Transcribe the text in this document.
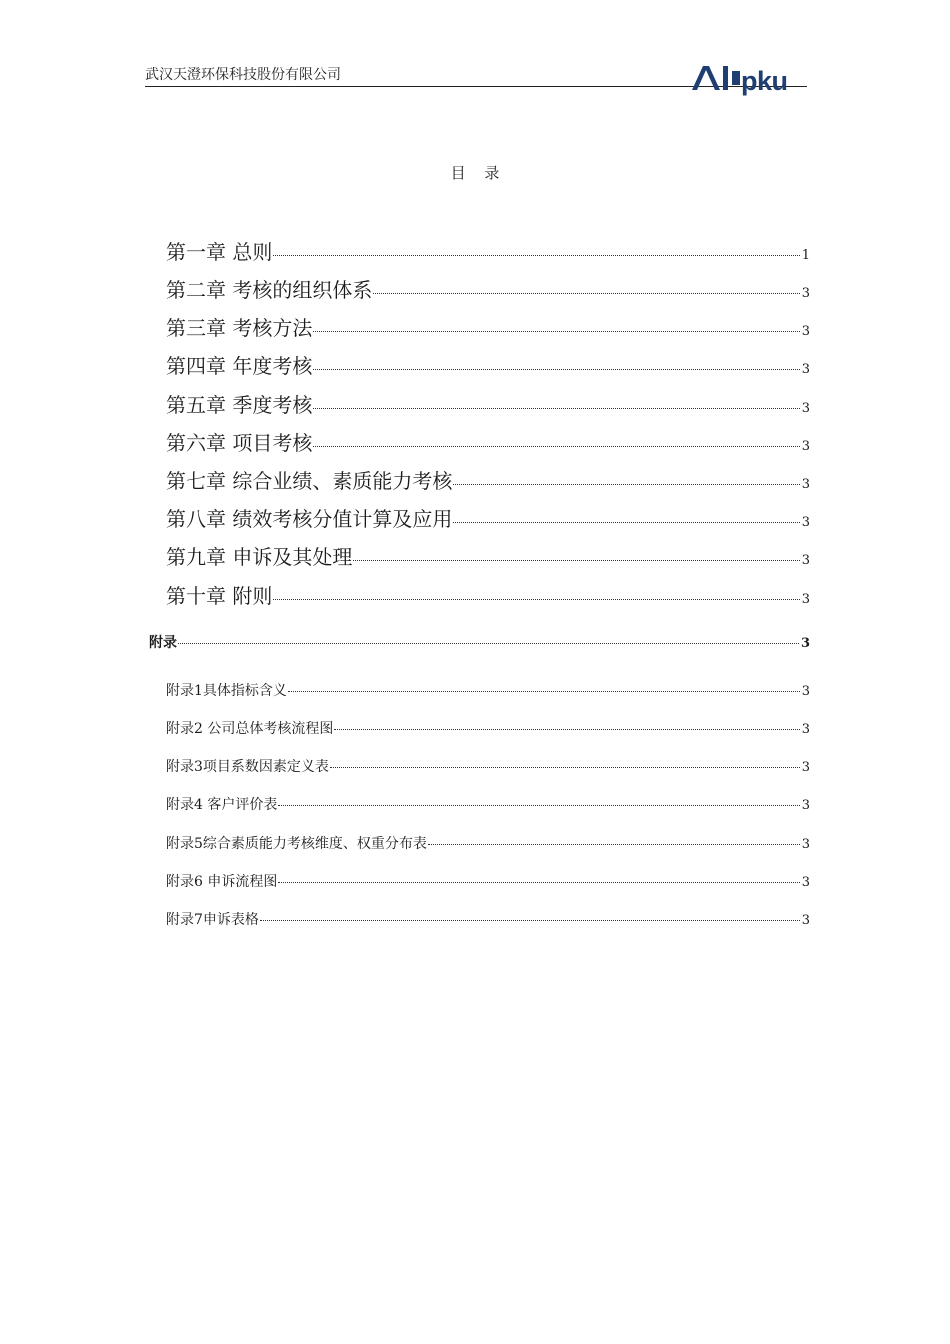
武汉天澄环保科技股份有限公司	pku
目 录
第一章 总则	1
第二章 考核的组织体系	3
第三章 考核方法	3
第四章 年度考核	3
第五章 季度考核	3
第六章 项目考核	3
第七章 综合业绩、素质能力考核	3
第八章 绩效考核分值计算及应用	3
第九章 申诉及其处理	3
第十章 附则	3
附录	3
附录1具体指标含义	3
附录2 公司总体考核流程图	3
附录3项目系数因素定义表	3
附录4 客户评价表	3
附录5综合素质能力考核维度、权重分布表	3
附录6 申诉流程图	3
附录7申诉表格	3
